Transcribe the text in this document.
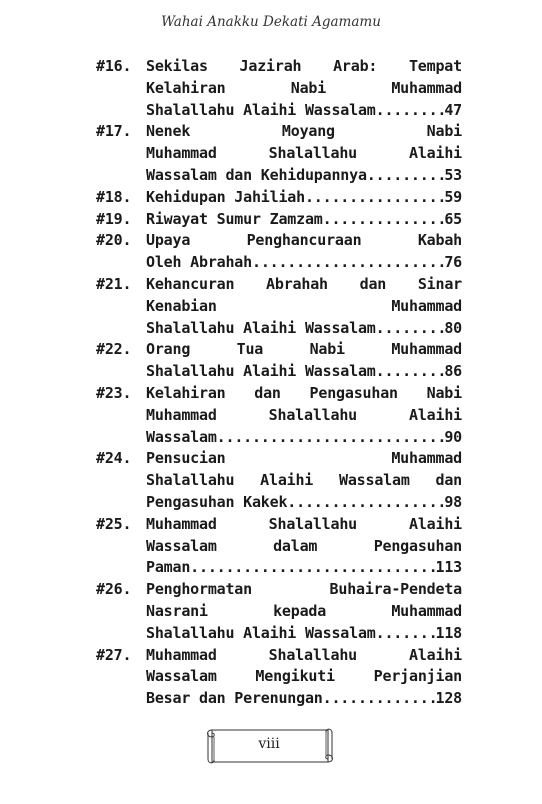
Wahai Anakku Dekati Agamamu
#16. Sekilas Jazirah Arab: Tempat
Kelahiran	Nabi	Muhammad
Shalallahu Alaihi Wassalam .....	47
#17. Nenek	Moyang	Nabi
Muhammad	Shalallahu	Alaihi
Wassalam dan Kehidupannya .....	53
#18. Kehidupan Jahiliah .....	59
#19. Riwayat Sumur Zamzam .....	65
#20. Upaya	Penghancuraan	Kabah
Oleh Abrahah .....	76
#21. Kehancuran Abrahah dan Sinar
Kenabian	Muhammad
Shalallahu Alaihi Wassalam .....	80
#22. Orang	Tua	Nabi	Muhammad
Shalallahu Alaihi Wassalam .....	86
#23. Kelahiran dan Pengasuhan Nabi
Muhammad	Shalallahu	Alaihi
Wassalam .....	90
#24. Pensucian	Muhammad
Shalallahu Alaihi Wassalam dan
Pengasuhan Kakek .....	98
#25. Muhammad	Shalallahu	Alaihi
Wassalam	dalam	Pengasuhan
Paman .....	113
#26. Penghormatan	Buhaira-Pendeta
Nasrani	kepada	Muhammad
Shalallahu Alaihi Wassalam .....	118
#27. Muhammad	Shalallahu	Alaihi
Wassalam	Mengikuti	Perjanjian
Besar dan Perenungan .....	128
viii
